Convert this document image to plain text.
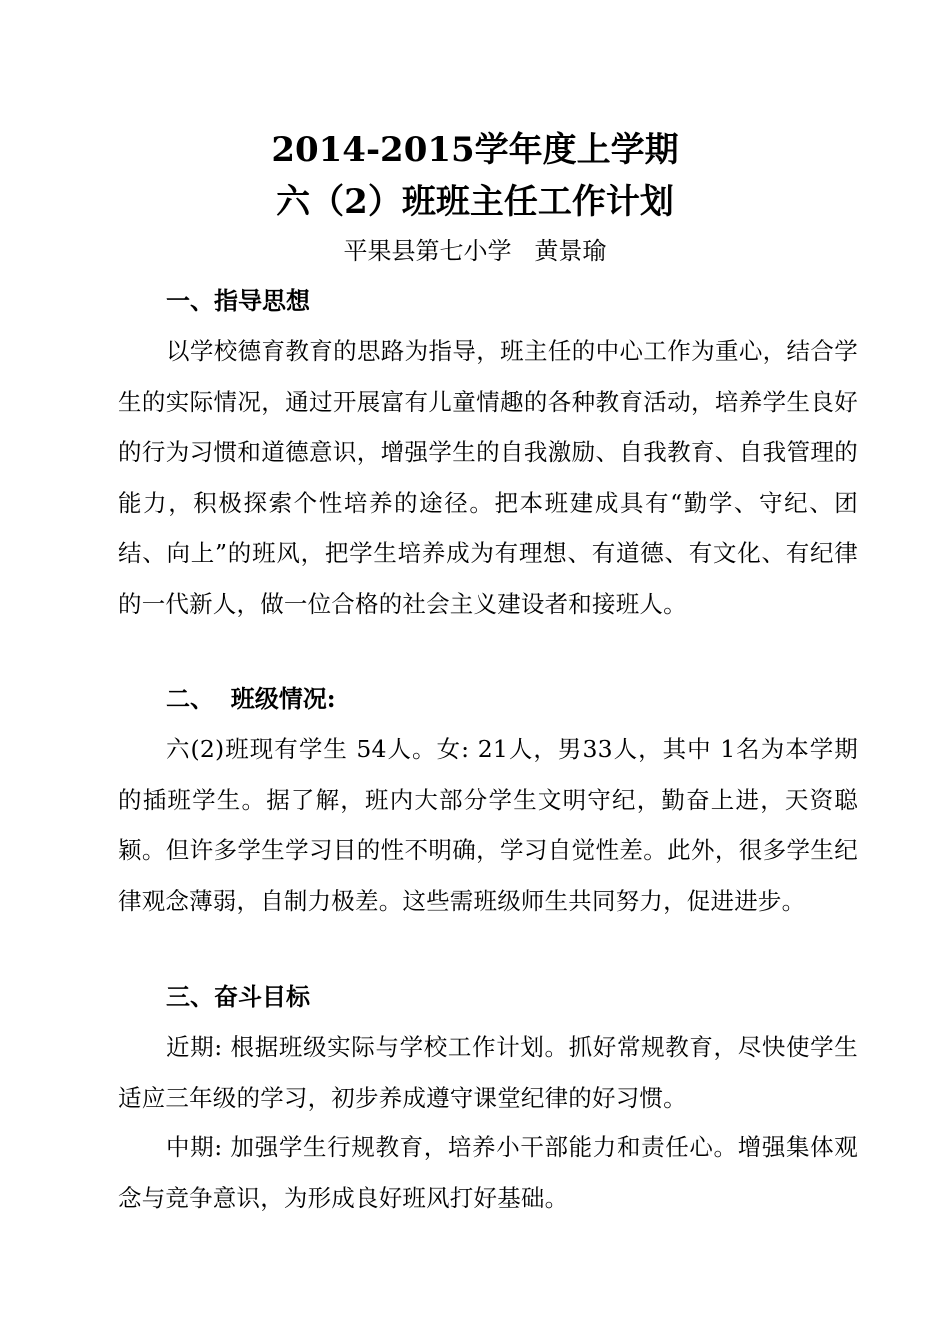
2014-2015学年度上学期
六（2）班班主任工作计划
平果县第七小学   黄景瑜
一、指导思想

以学校德育教育的思路为指导，班主任的中心工作为重心，结合学生的实际情况，通过开展富有儿童情趣的各种教育活动，培养学生良好的行为习惯和道德意识，增强学生的自我激励、自我教育、自我管理的能力，积极探索个性培养的途径。把本班建成具有“勤学、守纪、团结、向上”的班风，把学生培养成为有理想、有道德、有文化、有纪律的一代新人，做一位合格的社会主义建设者和接班人。

二、  班级情况:

六(2)班现有学生 54人。女: 21人，男33人，其中 1名为本学期的插班学生。据了解，班内大部分学生文明守纪，勤奋上进，天资聪颖。但许多学生学习目的性不明确，学习自觉性差。此外，很多学生纪律观念薄弱，自制力极差。这些需班级师生共同努力，促进进步。

三、奋斗目标

近期: 根据班级实际与学校工作计划。抓好常规教育，尽快使学生适应三年级的学习，初步养成遵守课堂纪律的好习惯。

中期: 加强学生行规教育，培养小干部能力和责任心。增强集体观念与竞争意识，为形成良好班风打好基础。
